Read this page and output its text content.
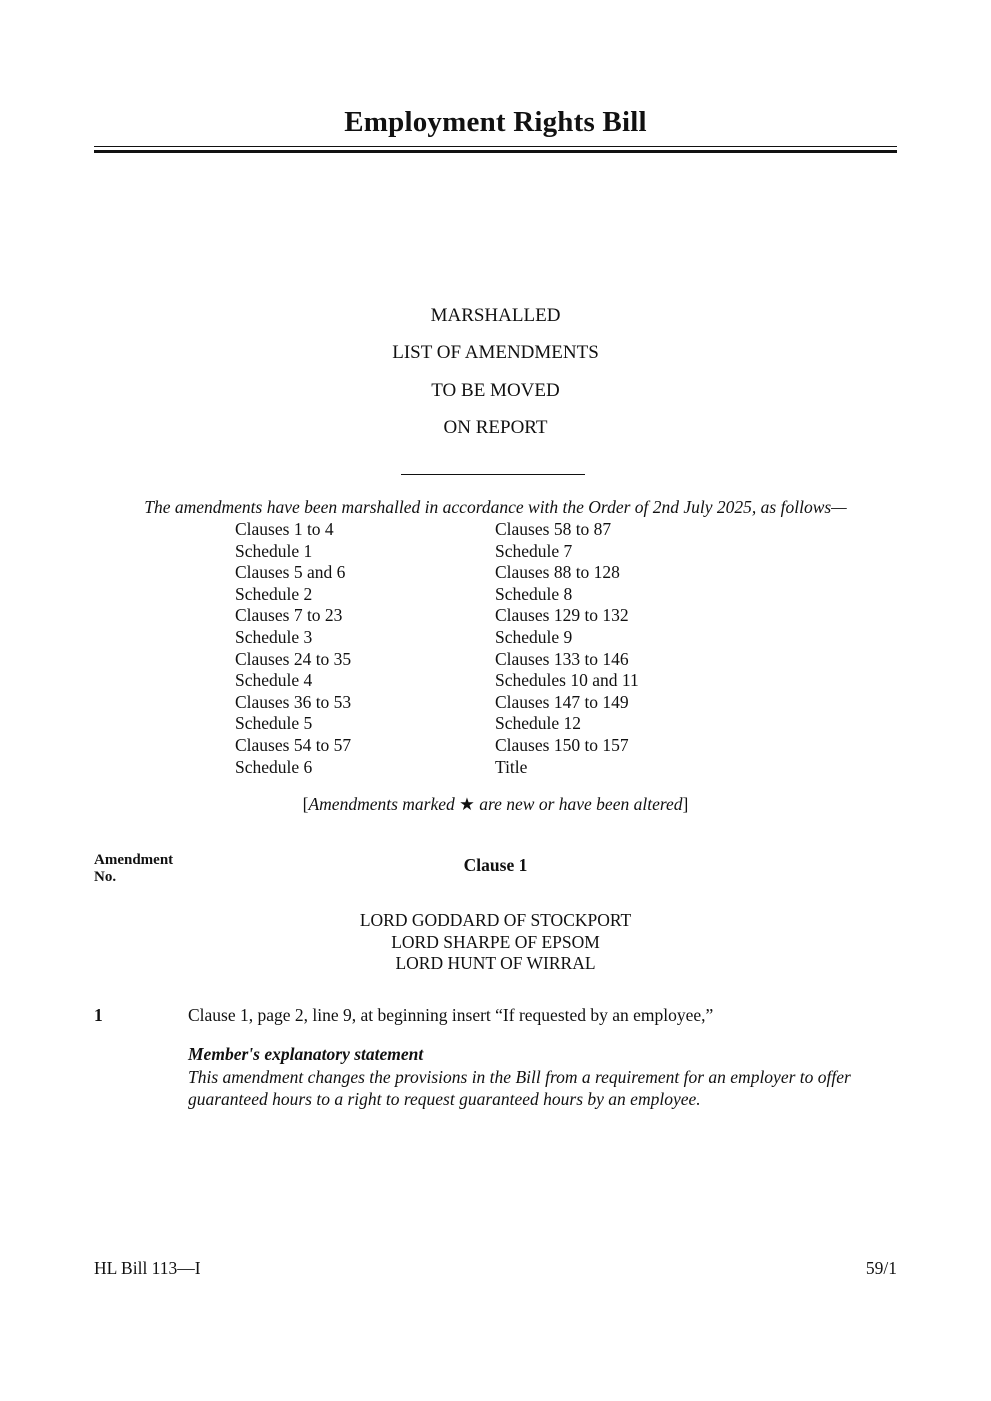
Employment Rights Bill
MARSHALLED
LIST OF AMENDMENTS
TO BE MOVED
ON REPORT
The amendments have been marshalled in accordance with the Order of 2nd July 2025, as follows—
Clauses 1 to 4	Clauses 58 to 87
Schedule 1	Schedule 7
Clauses 5 and 6	Clauses 88 to 128
Schedule 2	Schedule 8
Clauses 7 to 23	Clauses 129 to 132
Schedule 3	Schedule 9
Clauses 24 to 35	Clauses 133 to 146
Schedule 4	Schedules 10 and 11
Clauses 36 to 53	Clauses 147 to 149
Schedule 5	Schedule 12
Clauses 54 to 57	Clauses 150 to 157
Schedule 6	Title
[Amendments marked ★ are new or have been altered]
Amendment
No.
Clause 1
LORD GODDARD OF STOCKPORT
LORD SHARPE OF EPSOM
LORD HUNT OF WIRRAL
1	Clause 1, page 2, line 9, at beginning insert “If requested by an employee,”
Member's explanatory statement
This amendment changes the provisions in the Bill from a requirement for an employer to offer guaranteed hours to a right to request guaranteed hours by an employee.
HL Bill 113—I	59/1
